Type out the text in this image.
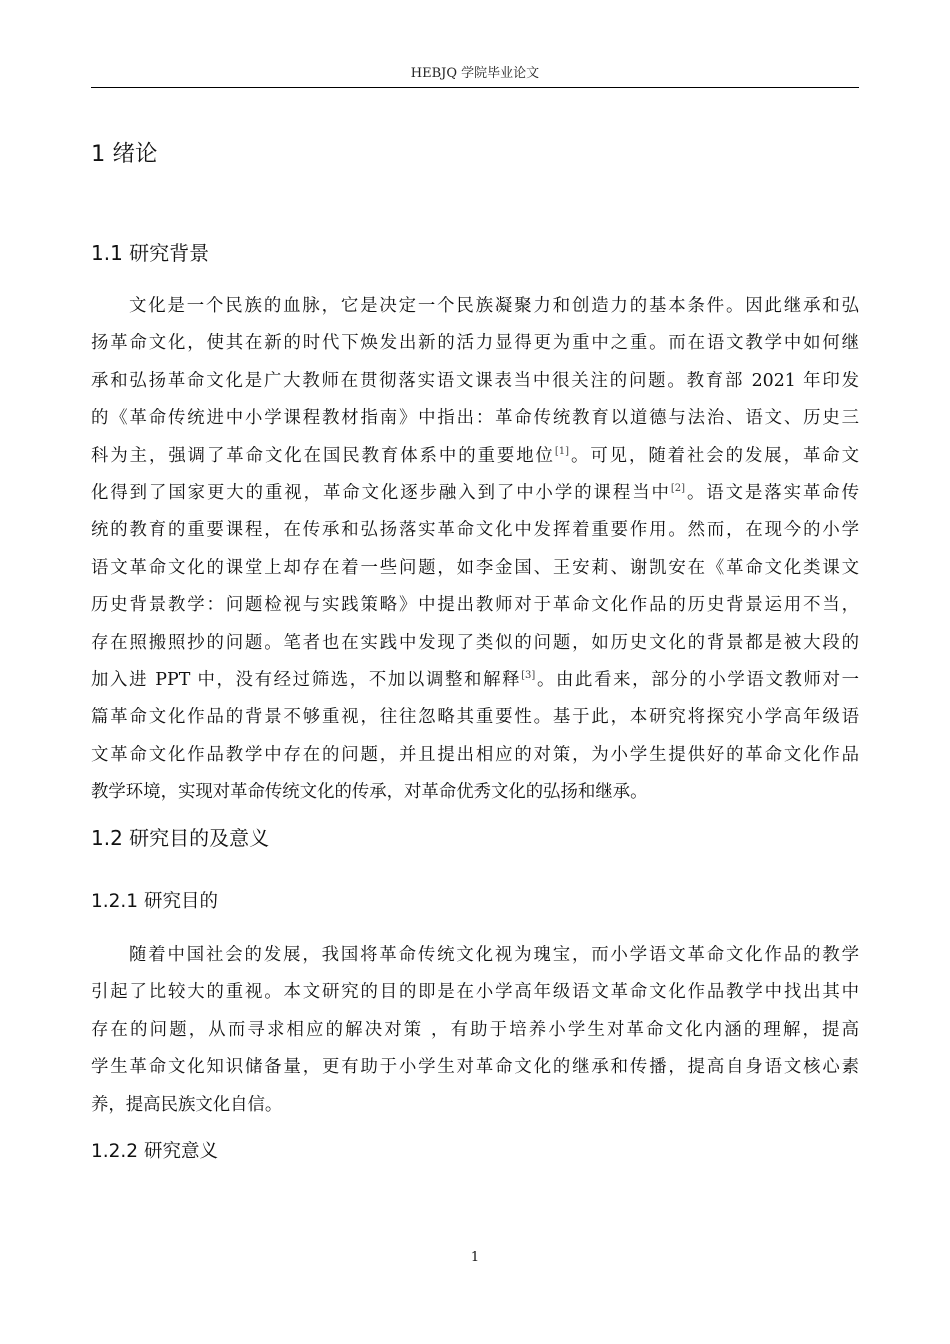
HEBJQ 学院毕业论文
1 绪论
1.1 研究背景
文化是一个民族的血脉，它是决定一个民族凝聚力和创造力的基本条件。因此继承和弘
扬革命文化，使其在新的时代下焕发出新的活力显得更为重中之重。而在语文教学中如何继
承和弘扬革命文化是广大教师在贯彻落实语文课表当中很关注的问题。教育部 2021 年印发
的《革命传统进中小学课程教材指南》中指出：革命传统教育以道德与法治、语文、历史三
科为主，强调了革命文化在国民教育体系中的重要地位[1]。可见，随着社会的发展，革命文
化得到了国家更大的重视，革命文化逐步融入到了中小学的课程当中[2]。语文是落实革命传
统的教育的重要课程，在传承和弘扬落实革命文化中发挥着重要作用。然而，在现今的小学
语文革命文化的课堂上却存在着一些问题，如李金国、王安莉、谢凯安在《革命文化类课文
历史背景教学：问题检视与实践策略》中提出教师对于革命文化作品的历史背景运用不当，
存在照搬照抄的问题。笔者也在实践中发现了类似的问题，如历史文化的背景都是被大段的
加入进 PPT 中，没有经过筛选，不加以调整和解释[3]。由此看来，部分的小学语文教师对一
篇革命文化作品的背景不够重视，往往忽略其重要性。基于此，本研究将探究小学高年级语
文革命文化作品教学中存在的问题，并且提出相应的对策，为小学生提供好的革命文化作品
教学环境，实现对革命传统文化的传承，对革命优秀文化的弘扬和继承。
1.2 研究目的及意义
1.2.1 研究目的
随着中国社会的发展，我国将革命传统文化视为瑰宝，而小学语文革命文化作品的教学
引起了比较大的重视。本文研究的目的即是在小学高年级语文革命文化作品教学中找出其中
存在的问题，从而寻求相应的解决对策 ，有助于培养小学生对革命文化内涵的理解，提高
学生革命文化知识储备量，更有助于小学生对革命文化的继承和传播，提高自身语文核心素
养，提高民族文化自信。
1.2.2 研究意义
1
